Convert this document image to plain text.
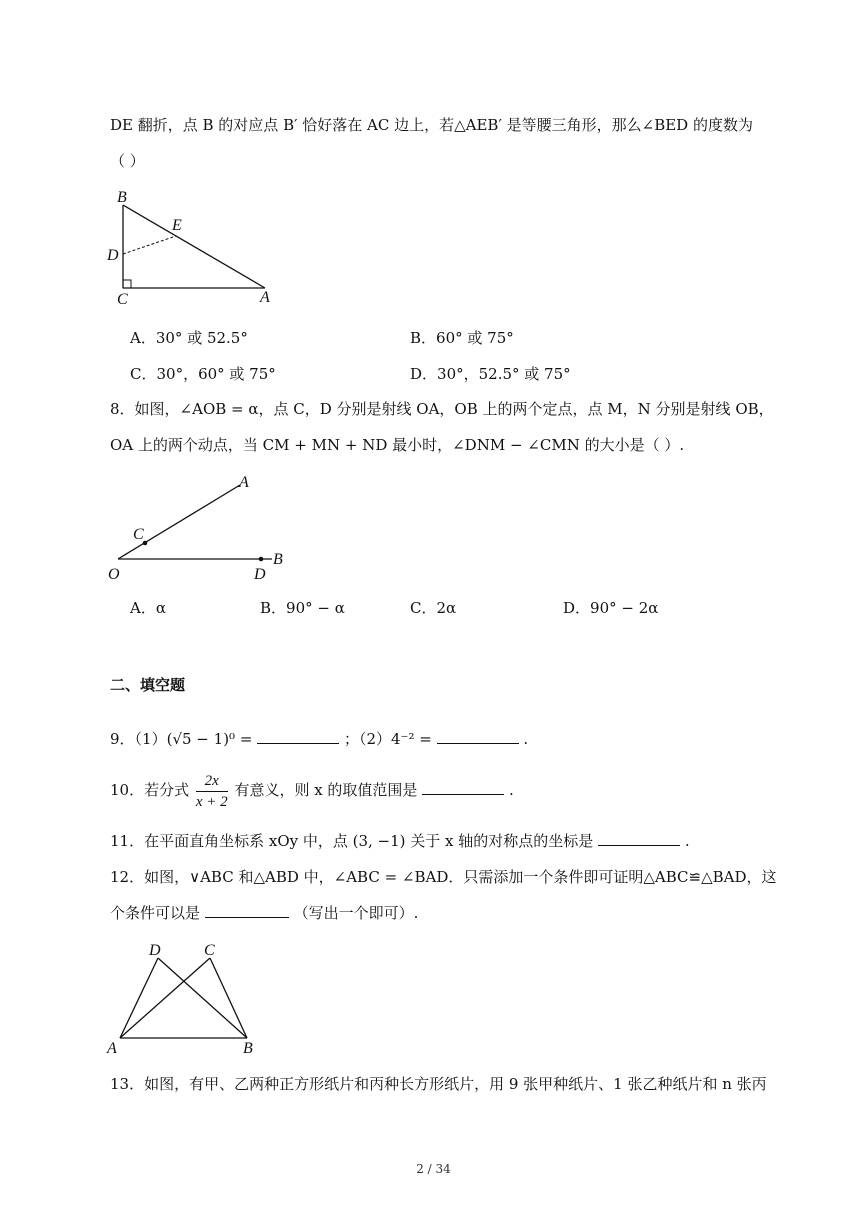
DE 翻折，点 B 的对应点 B′ 恰好落在 AC 边上，若△AEB′ 是等腰三角形，那么∠BED 的度数为
（ ）
B
E
D
C	A
A．30° 或 52.5°	B．60° 或 75°
C．30°，60° 或 75°	D．30°，52.5° 或 75°
8．如图，∠AOB = α，点 C，D 分别是射线 OA，OB 上的两个定点，点 M，N 分别是射线 OB，
OA 上的两个动点，当 CM + MN + ND 最小时，∠DNM − ∠CMN 的大小是（ ）.
A
C
O	D
B
A．α	B．90° − α	C．2α	D．90° − 2α
二、填空题
9．（1）(√5 − 1)⁰ =	；（2）4⁻² =	.
10．若分式 $\frac{2x}{x + 2}$ 有意义，则 x 的取值范围是	.
11．在平面直角坐标系 xOy 中，点 (3, −1) 关于 x 轴的对称点的坐标是	.
12．如图，∨ABC 和△ABD 中，∠ABC = ∠BAD．只需添加一个条件即可证明△ABC≌△BAD，这
个条件可以是	（写出一个即可）.
D	C
A	B
13．如图，有甲、乙两种正方形纸片和丙种长方形纸片，用 9 张甲种纸片、1 张乙种纸片和 n 张丙
2 / 34
